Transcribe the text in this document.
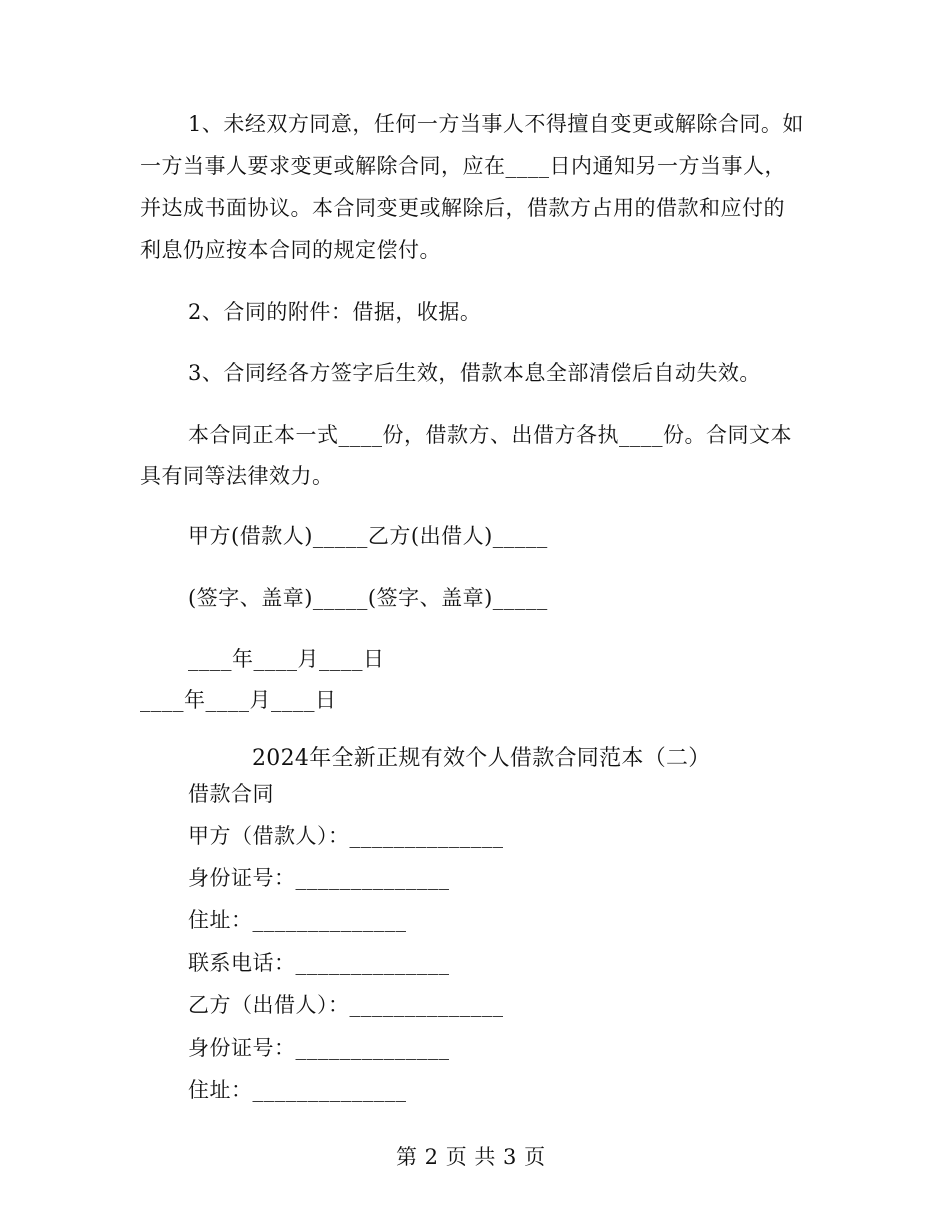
1、未经双方同意，任何一方当事人不得擅自变更或解除合同。如
一方当事人要求变更或解除合同，应在____日内通知另一方当事人，
并达成书面协议。本合同变更或解除后，借款方占用的借款和应付的
利息仍应按本合同的规定偿付。
2、合同的附件：借据，收据。
3、合同经各方签字后生效，借款本息全部清偿后自动失效。
本合同正本一式____份，借款方、出借方各执____份。合同文本
具有同等法律效力。
甲方(借款人)_____乙方(出借人)_____
(签字、盖章)_____(签字、盖章)_____
____年____月____日
____年____月____日
2024年全新正规有效个人借款合同范本（二）
借款合同
甲方（借款人）：______________
身份证号：______________
住址：______________
联系电话：______________
乙方（出借人）：______________
身份证号：______________
住址：______________
第 2 页 共 3 页
